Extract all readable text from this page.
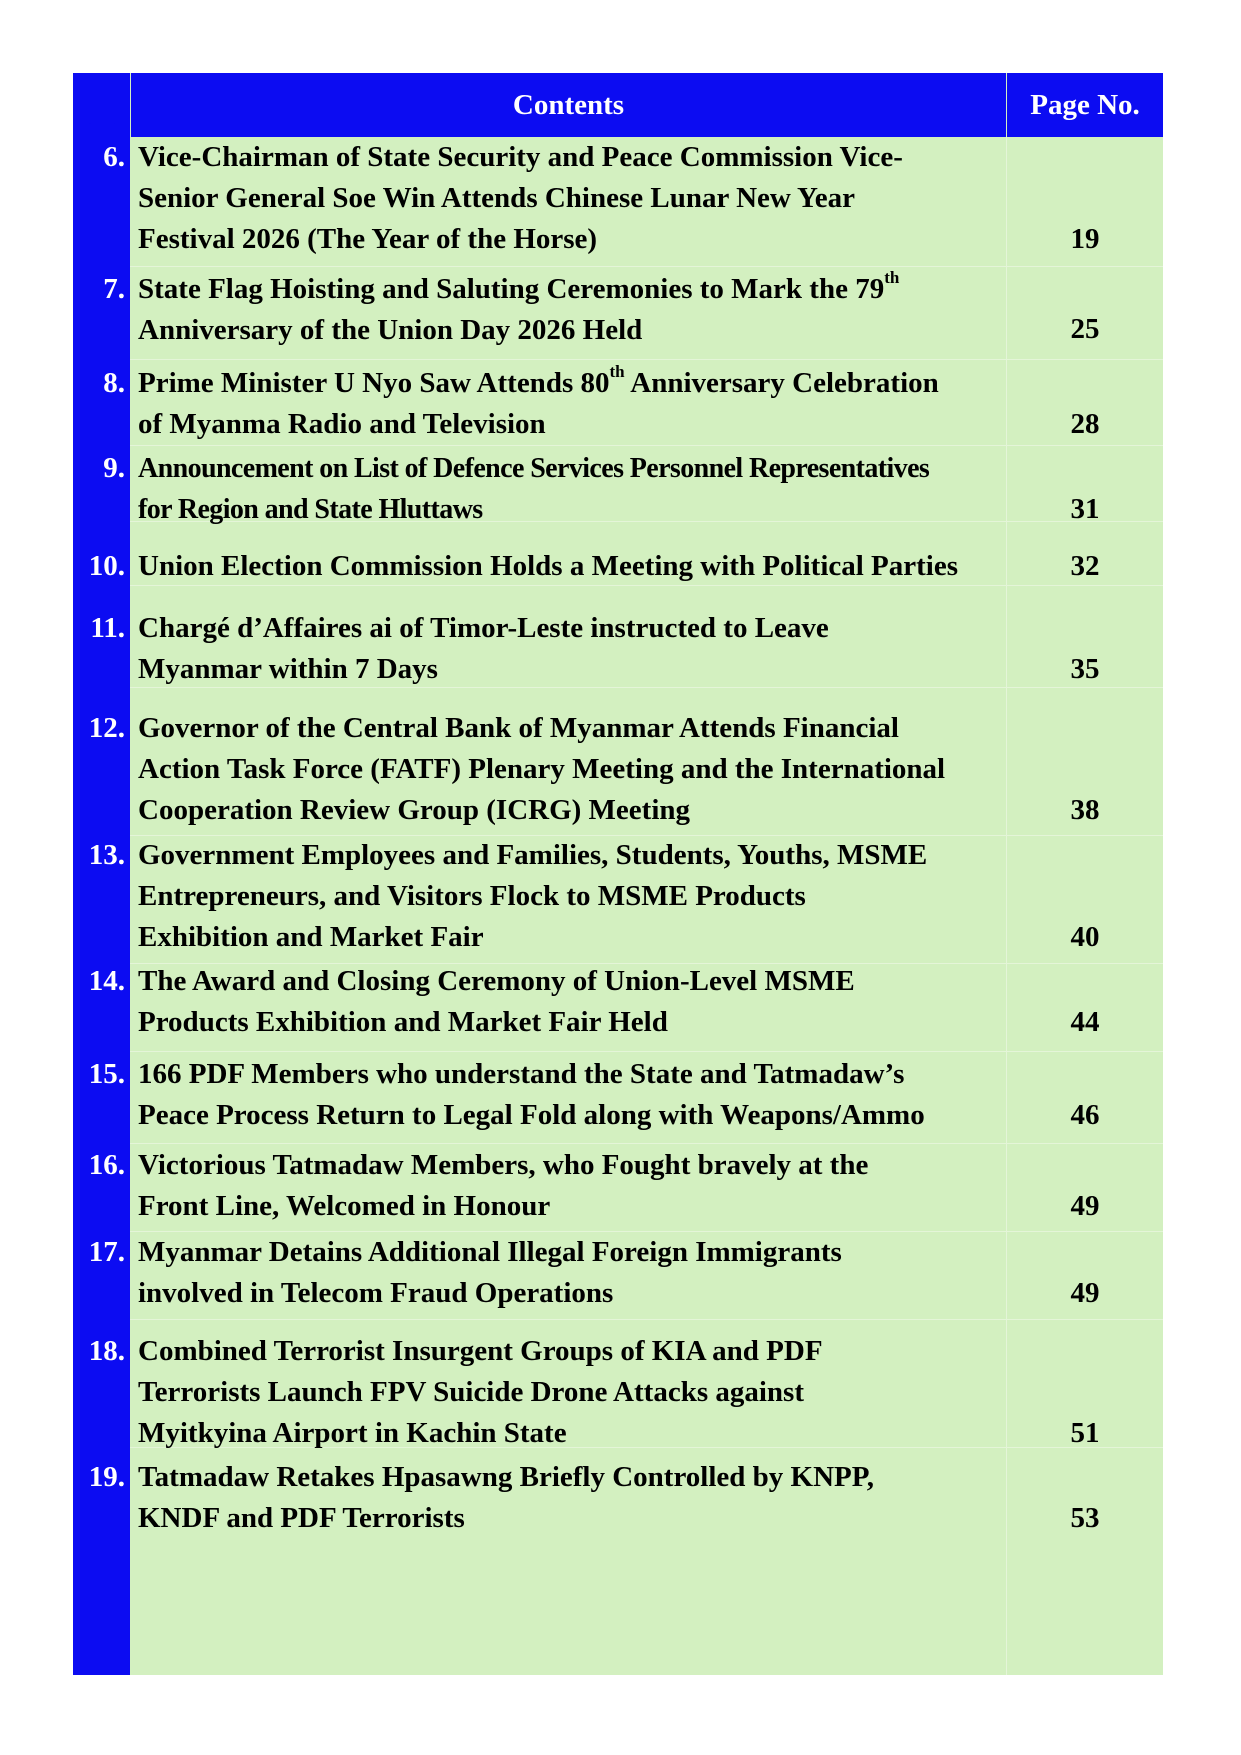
Contents	Page No.
6. Vice-Chairman of State Security and Peace Commission Vice-
Senior General Soe Win Attends Chinese Lunar New Year
Festival 2026 (The Year of the Horse)	19
7. State Flag Hoisting and Saluting Ceremonies to Mark the 79th
Anniversary of the Union Day 2026 Held	25
8. Prime Minister U Nyo Saw Attends 80th Anniversary Celebration
of Myanma Radio and Television	28
9. Announcement on List of Defence Services Personnel Representatives
for Region and State Hluttaws	31
10. Union Election Commission Holds a Meeting with Political Parties	32
11. Chargé d’Affaires ai of Timor-Leste instructed to Leave
Myanmar within 7 Days	35
12. Governor of the Central Bank of Myanmar Attends Financial
Action Task Force (FATF) Plenary Meeting and the International
Cooperation Review Group (ICRG) Meeting	38
13. Government Employees and Families, Students, Youths, MSME
Entrepreneurs, and Visitors Flock to MSME Products
Exhibition and Market Fair	40
14. The Award and Closing Ceremony of Union-Level MSME
Products Exhibition and Market Fair Held	44
15. 166 PDF Members who understand the State and Tatmadaw’s
Peace Process Return to Legal Fold along with Weapons/Ammo	46
16. Victorious Tatmadaw Members, who Fought bravely at the
Front Line, Welcomed in Honour	49
17. Myanmar Detains Additional Illegal Foreign Immigrants
involved in Telecom Fraud Operations	49
18. Combined Terrorist Insurgent Groups of KIA and PDF
Terrorists Launch FPV Suicide Drone Attacks against
Myitkyina Airport in Kachin State	51
19. Tatmadaw Retakes Hpasawng Briefly Controlled by KNPP,
KNDF and PDF Terrorists	53
